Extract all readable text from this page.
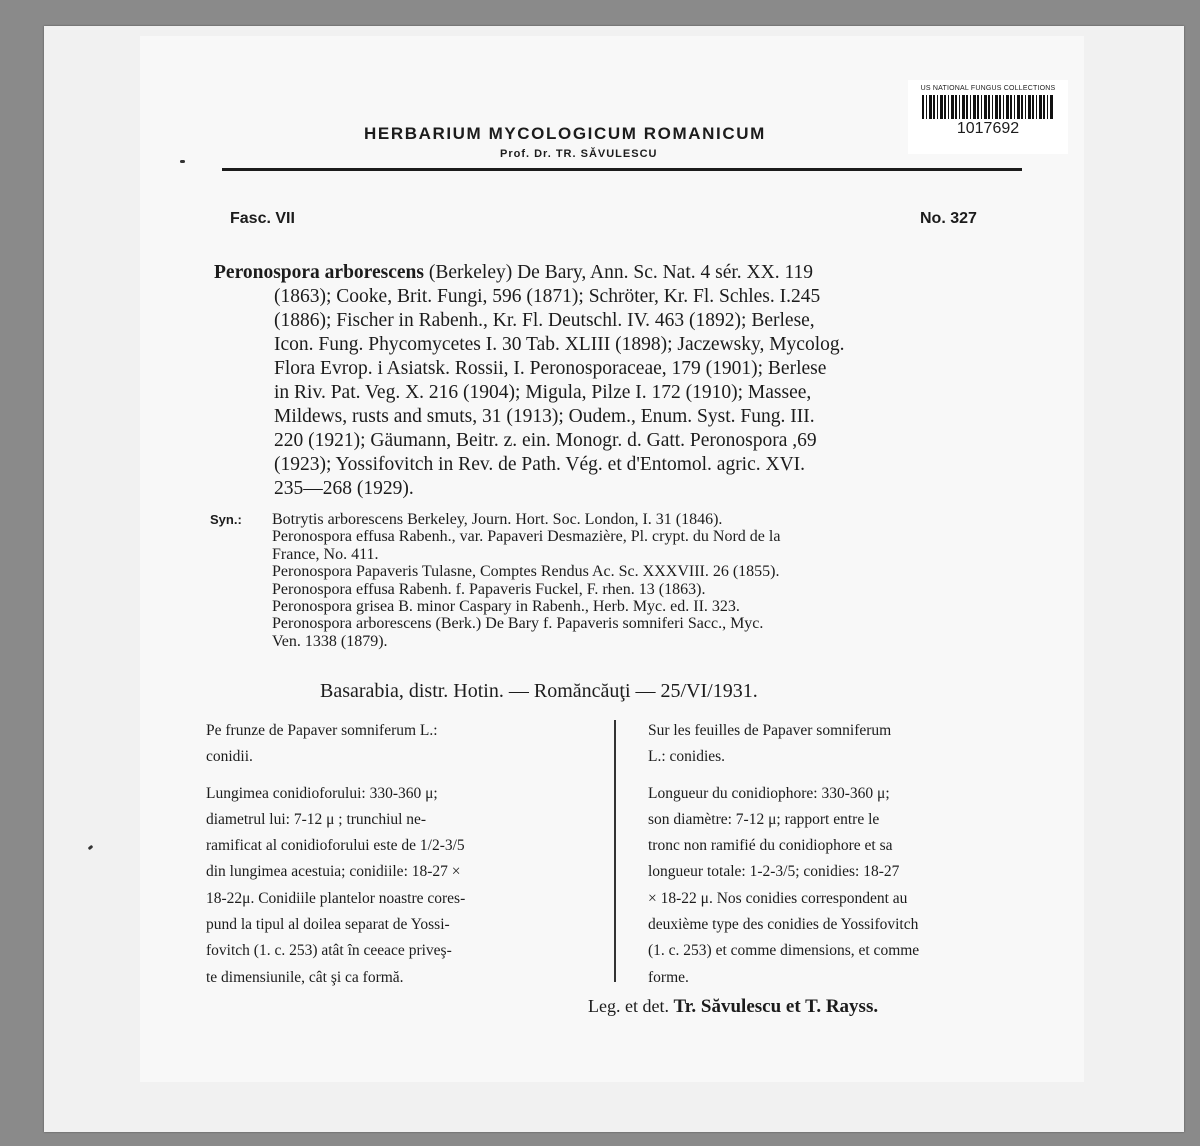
US NATIONAL FUNGUS COLLECTIONS
1017692
HERBARIUM MYCOLOGICUM ROMANICUM
Prof. Dr. TR. SĂVULESCU
Fasc. VII	No. 327
Peronospora arborescens (Berkeley) De Bary, Ann. Sc. Nat. 4 sér. XX. 119
(1863); Cooke, Brit. Fungi, 596 (1871); Schröter, Kr. Fl. Schles. I.245
(1886); Fischer in Rabenh., Kr. Fl. Deutschl. IV. 463 (1892); Berlese,
Icon. Fung. Phycomycetes I. 30 Tab. XLIII (1898); Jaczewsky, Mycolog.
Flora Evrop. i Asiatsk. Rossii, I. Peronosporaceae, 179 (1901); Berlese
in Riv. Pat. Veg. X. 216 (1904); Migula, Pilze I. 172 (1910); Massee,
Mildews, rusts and smuts, 31 (1913); Oudem., Enum. Syst. Fung. III.
220 (1921); Gäumann, Beitr. z. ein. Monogr. d. Gatt. Peronospora ,69
(1923); Yossifovitch in Rev. de Path. Vég. et d'Entomol. agric. XVI.
235—268 (1929).
Syn.: Botrytis arborescens Berkeley, Journ. Hort. Soc. London, I. 31 (1846).
Peronospora effusa Rabenh., var. Papaveri Desmazière, Pl. crypt. du Nord de la
France, No. 411.
Peronospora Papaveris Tulasne, Comptes Rendus Ac. Sc. XXXVIII. 26 (1855).
Peronospora effusa Rabenh. f. Papaveris Fuckel, F. rhen. 13 (1863).
Peronospora grisea B. minor Caspary in Rabenh., Herb. Myc. ed. II. 323.
Peronospora arborescens (Berk.) De Bary f. Papaveris somniferi Sacc., Myc.
Ven. 1338 (1879).
Basarabia, distr. Hotin. — Romăncăuţi — 25/VI/1931.
Pe frunze de Papaver somniferum L.:
conidii.
Lungimea conidioforului: 330-360 μ;
diametrul lui: 7-12 μ ; trunchiul ne-
ramificat al conidioforului este de 1/2-3/5
din lungimea acestuia; conidiile: 18-27 ×
18-22μ. Conidiile plantelor noastre cores-
pund la tipul al doilea separat de Yossi-
fovitch (1. c. 253) atât în ceeace priveş-
te dimensiunile, cât şi ca formă.
Sur les feuilles de Papaver somniferum
L.: conidies.
Longueur du conidiophore: 330-360 μ;
son diamètre: 7-12 μ; rapport entre le
tronc non ramifié du conidiophore et sa
longueur totale: 1-2-3/5; conidies: 18-27
× 18-22 μ. Nos conidies correspondent au
deuxième type des conidies de Yossifovitch
(1. c. 253) et comme dimensions, et comme
forme.
Leg. et det. Tr. Săvulescu et T. Rayss.
